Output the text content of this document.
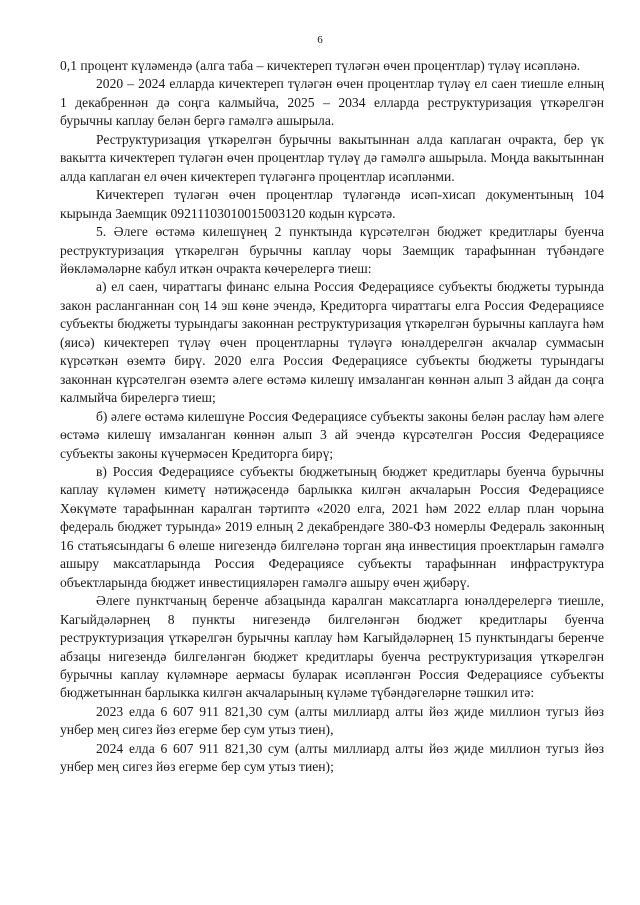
6

0,1 процент күләмендә (алга таба – кичектереп түләгән өчен процентлар) түләү исәпләнә.

2020 – 2024 елларда кичектереп түләгән өчен процентлар түләү ел саен тиешле елның 1 декабреннән дә соңга калмыйча, 2025 – 2034 елларда реструктуризация үткәрелгән бурычны каплау белән бергә гамәлгә ашырыла.

Реструктуризация үткәрелгән бурычны вакытыннан алда каплаган очракта, бер үк вакытта кичектереп түләгән өчен процентлар түләү дә гамәлгә ашырыла. Моңда вакытыннан алда каплаган ел өчен кичектереп түләгәнгә процентлар исәпләнми.

Кичектереп түләгән өчен процентлар түләгәндә исәп-хисап документының 104 кырында Заемщик 09211103010015003120 кодын күрсәтә.

5. Әлеге өстәмә килешүнең 2 пунктында күрсәтелгән бюджет кредитлары буенча реструктуризация үткәрелгән бурычны каплау чоры Заемщик тарафыннан түбәндәге йөкләмәләрне кабул иткән очракта көчерелергә тиеш:

а) ел саен, чираттагы финанс елына Россия Федерациясе субъекты бюджеты турында закон расланганнан соң 14 эш көне эчендә, Кредиторга чираттагы елга Россия Федерациясе субъекты бюджеты турындагы законнан реструктуризация үткәрелгән бурычны каплауга һәм (яисә) кичектереп түләү өчен процентларны түләүгә юнәлдерелгән акчалар суммасын күрсәткән өземтә бирү. 2020 елга Россия Федерациясе субъекты бюджеты турындагы законнан күрсәтелгән өземтә әлеге өстәмә килешү имзаланган көннән алып 3 айдан да соңга калмыйча бирелергә тиеш;

б) әлеге өстәмә килешүне Россия Федерациясе субъекты законы белән раслау һәм әлеге өстәмә килешү имзаланган көннән алып 3 ай эчендә күрсәтелгән Россия Федерациясе субъекты законы күчермәсен Кредиторга бирү;

в) Россия Федерациясе субъекты бюджетының бюджет кредитлары буенча бурычны каплау күләмен киметү нәтиҗәсендә барлыкка килгән акчаларын Россия Федерациясе Хөкүмәте тарафыннан каралган тәртиптә «2020 елга, 2021 һәм 2022 еллар план чорына федераль бюджет турында» 2019 елның 2 декабрендәге 380-ФЗ номерлы Федераль законның 16 статьясындагы 6 өлеше нигезендә билгеләнә торган яңа инвестиция проектларын гамәлгә ашыру максатларында Россия Федерациясе субъекты тарафыннан инфраструктура объектларында бюджет инвестицияләрен гамәлгә ашыру өчен җибәрү.

Әлеге пунктчаның беренче абзацында каралган максатларга юнәлдерелергә тиешле, Кагыйдәләрнең 8 пункты нигезендә билгеләнгән бюджет кредитлары буенча реструктуризация үткәрелгән бурычны каплау һәм Кагыйдәләрнең 15 пунктындагы беренче абзацы нигезендә билгеләнгән бюджет кредитлары буенча реструктуризация үткәрелгән бурычны каплау күләмнәре аермасы буларак исәпләнгән Россия Федерациясе субъекты бюджетыннан барлыкка килгән акчаларының күләме түбәндәгеләрне тәшкил итә:

2023 елда 6 607 911 821,30 сум (алты миллиард алты йөз җиде миллион тугыз йөз унбер мең сигез йөз егерме бер сум утыз тиен),

2024 елда 6 607 911 821,30 сум (алты миллиард алты йөз җиде миллион тугыз йөз унбер мең сигез йөз егерме бер сум утыз тиен);
